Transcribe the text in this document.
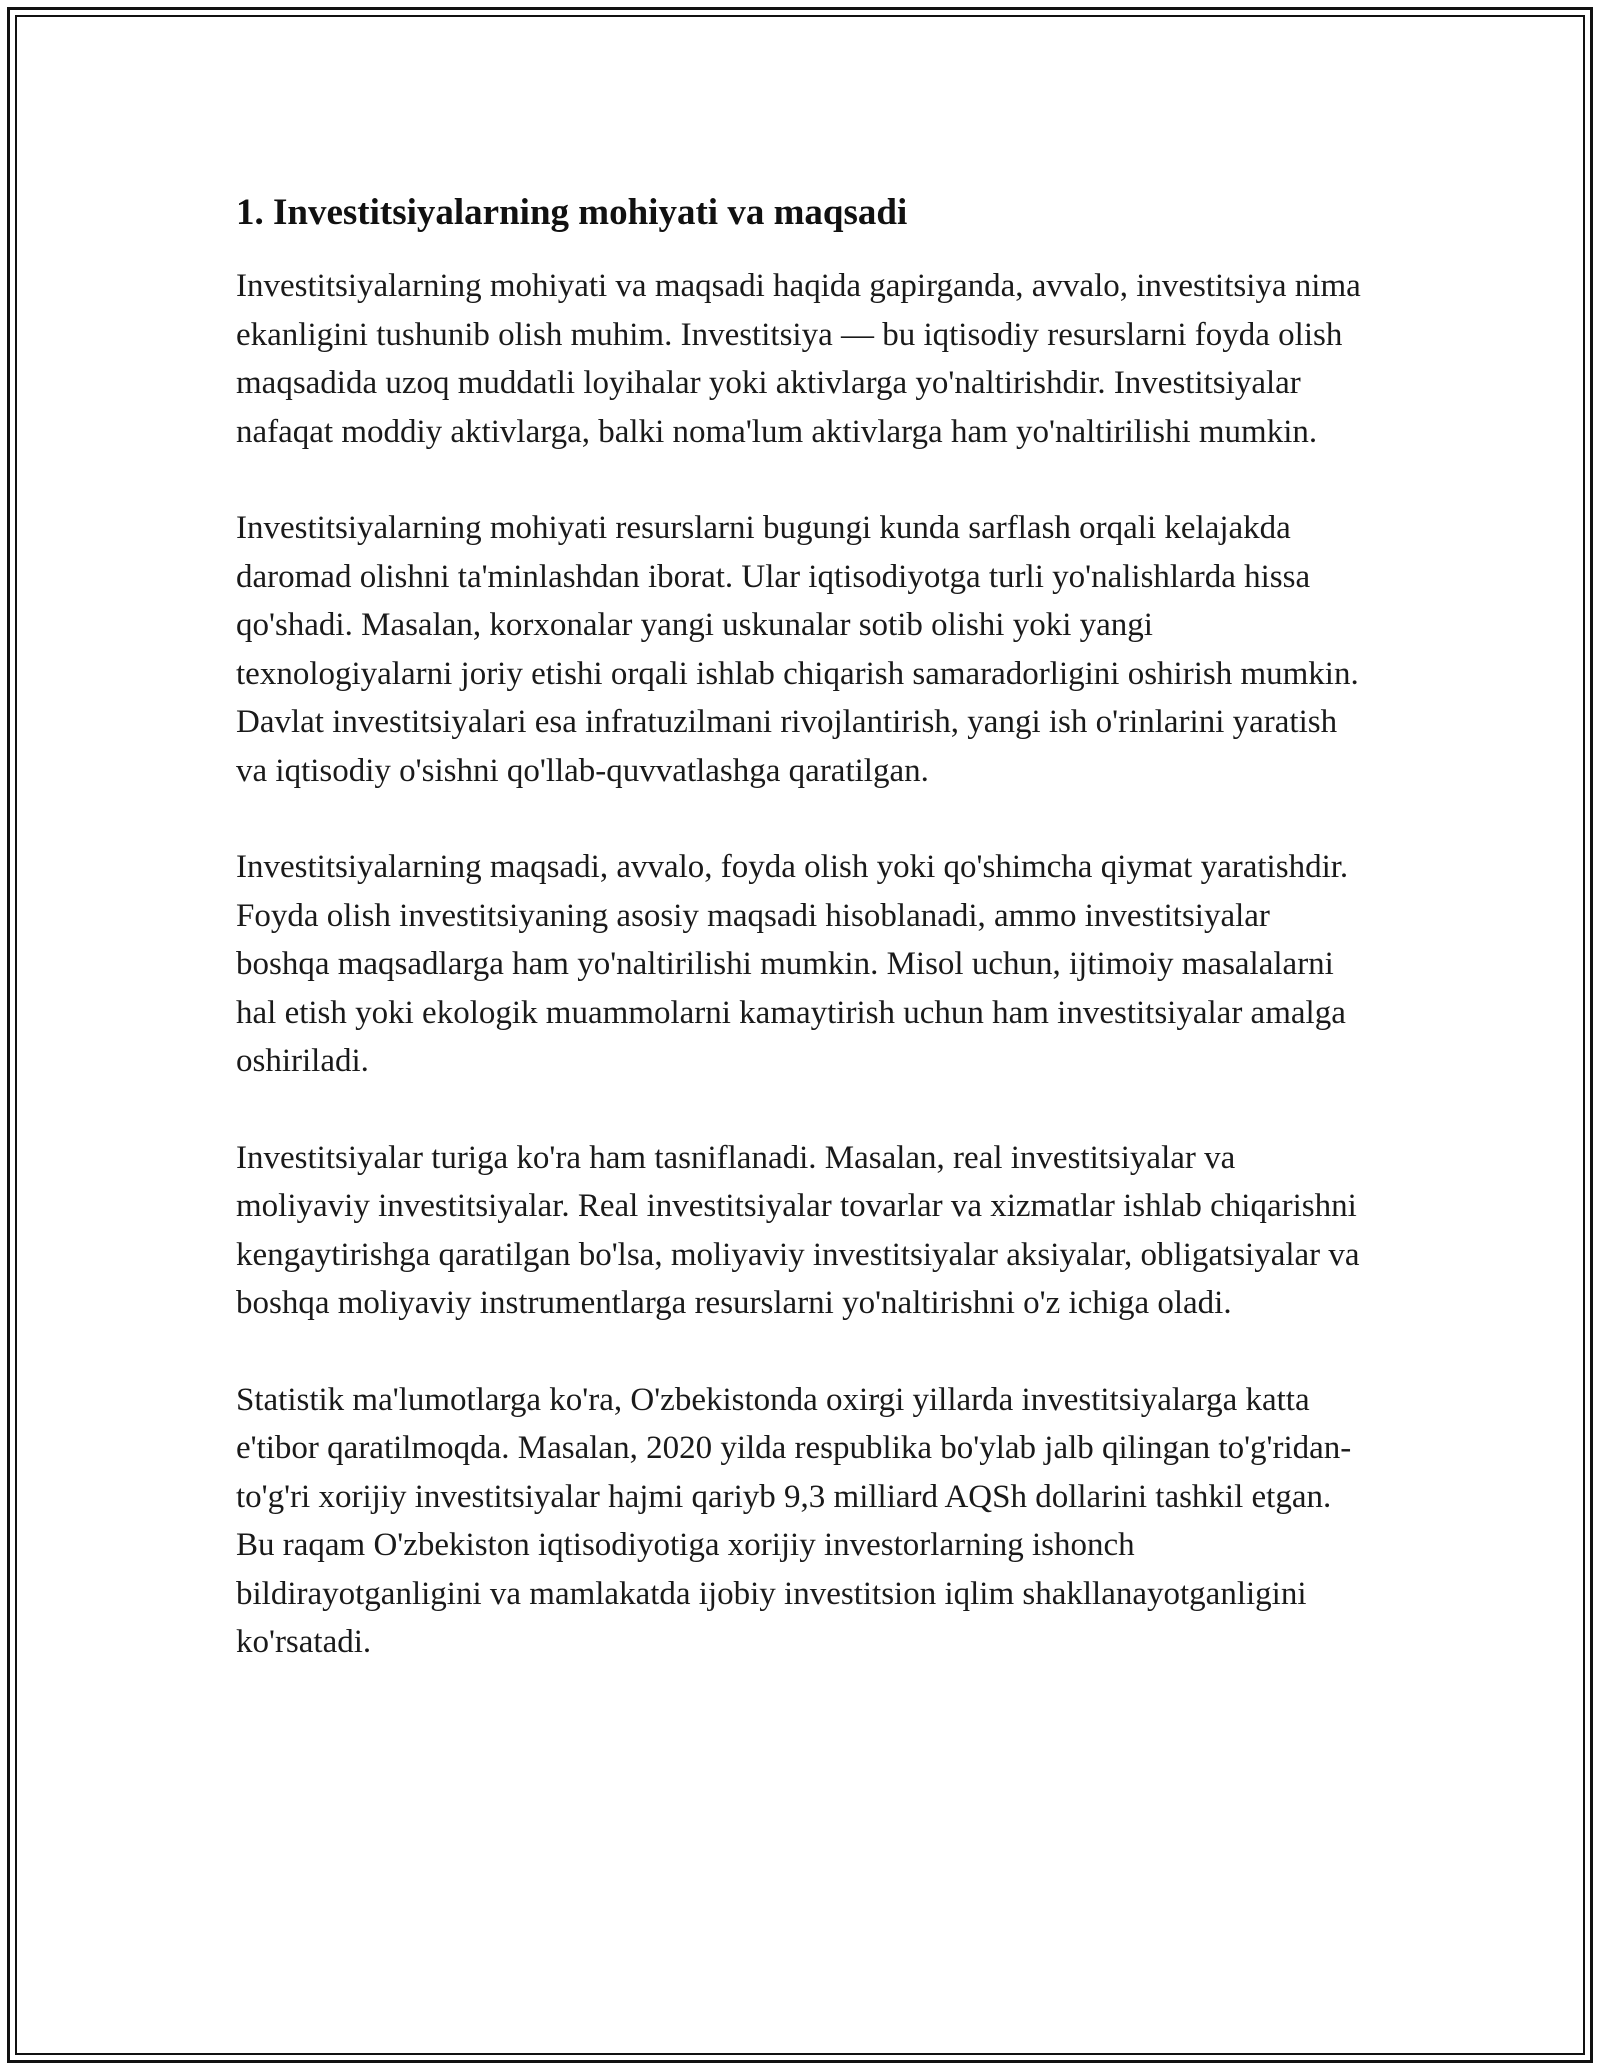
1. Investitsiyalarning mohiyati va maqsadi

Investitsiyalarning mohiyati va maqsadi haqida gapirganda, avvalo, investitsiya nima ekanligini tushunib olish muhim. Investitsiya — bu iqtisodiy resurslarni foyda olish maqsadida uzoq muddatli loyihalar yoki aktivlarga yo'naltirishdir. Investitsiyalar nafaqat moddiy aktivlarga, balki noma'lum aktivlarga ham yo'naltirilishi mumkin.

Investitsiyalarning mohiyati resurslarni bugungi kunda sarflash orqali kelajakda daromad olishni ta'minlashdan iborat. Ular iqtisodiyotga turli yo'nalishlarda hissa qo'shadi. Masalan, korxonalar yangi uskunalar sotib olishi yoki yangi texnologiyalarni joriy etishi orqali ishlab chiqarish samaradorligini oshirish mumkin. Davlat investitsiyalari esa infratuzilmani rivojlantirish, yangi ish o'rinlarini yaratish va iqtisodiy o'sishni qo'llab-quvvatlashga qaratilgan.

Investitsiyalarning maqsadi, avvalo, foyda olish yoki qo'shimcha qiymat yaratishdir. Foyda olish investitsiyaning asosiy maqsadi hisoblanadi, ammo investitsiyalar boshqa maqsadlarga ham yo'naltirilishi mumkin. Misol uchun, ijtimoiy masalalarni hal etish yoki ekologik muammolarni kamaytirish uchun ham investitsiyalar amalga oshiriladi.

Investitsiyalar turiga ko'ra ham tasniflanadi. Masalan, real investitsiyalar va moliyaviy investitsiyalar. Real investitsiyalar tovarlar va xizmatlar ishlab chiqarishni kengaytirishga qaratilgan bo'lsa, moliyaviy investitsiyalar aksiyalar, obligatsiyalar va boshqa moliyaviy instrumentlarga resurslarni yo'naltirishni o'z ichiga oladi.

Statistik ma'lumotlarga ko'ra, O'zbekistonda oxirgi yillarda investitsiyalarga katta e'tibor qaratilmoqda. Masalan, 2020 yilda respublika bo'ylab jalb qilingan to'g'ridan-to'g'ri xorijiy investitsiyalar hajmi qariyb 9,3 milliard AQSh dollarini tashkil etgan. Bu raqam O'zbekiston iqtisodiyotiga xorijiy investorlarning ishonch bildirayotganligini va mamlakatda ijobiy investitsion iqlim shakllanayotganligini ko'rsatadi.
